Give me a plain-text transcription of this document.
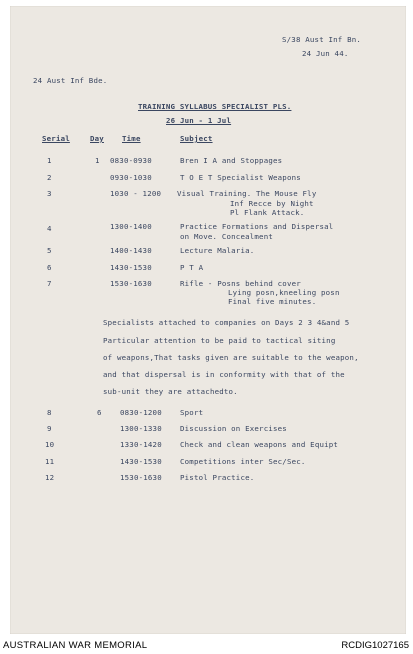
S/38 Aust Inf Bn.
24 Jun 44.
24 Aust Inf Bde.
TRAINING SYLLABUS SPECIALIST PLS.
26 Jun - 1 Jul
Serial	Day Time	Subject
1	1 0830-0930	Bren I A and Stoppages
2	0930-1030	T O E T Specialist Weapons
3	1030 - 1200 Visual Training. The Mouse Fly
Inf Recce by Night
Pl Flank Attack.
4	1300-1400	Practice Formations and Dispersal
on Move. Concealment
5	1400-1430	Lecture Malaria.
6	1430-1530	P T A
7	1530-1630	Rifle - Posns behind cover
Lying posn,kneeling posn
Final five minutes.
Specialists attached to companies on Days 2 3 4&and 5
Particular attention to be paid to tactical siting
of weapons,That tasks given are suitable to the weapon,
and that dispersal is in conformity with that of the
sub-unit they are attachedto.
8	6 0830-1200 Sport
9	1300-1330 Discussion on Exercises
10	1330-1420 Check and clean weapons and Equipt
11	1430-1530 Competitions inter Sec/Sec.
12	1530-1630 Pistol Practice.
AUSTRALIAN WAR MEMORIAL	RCDIG1027165
